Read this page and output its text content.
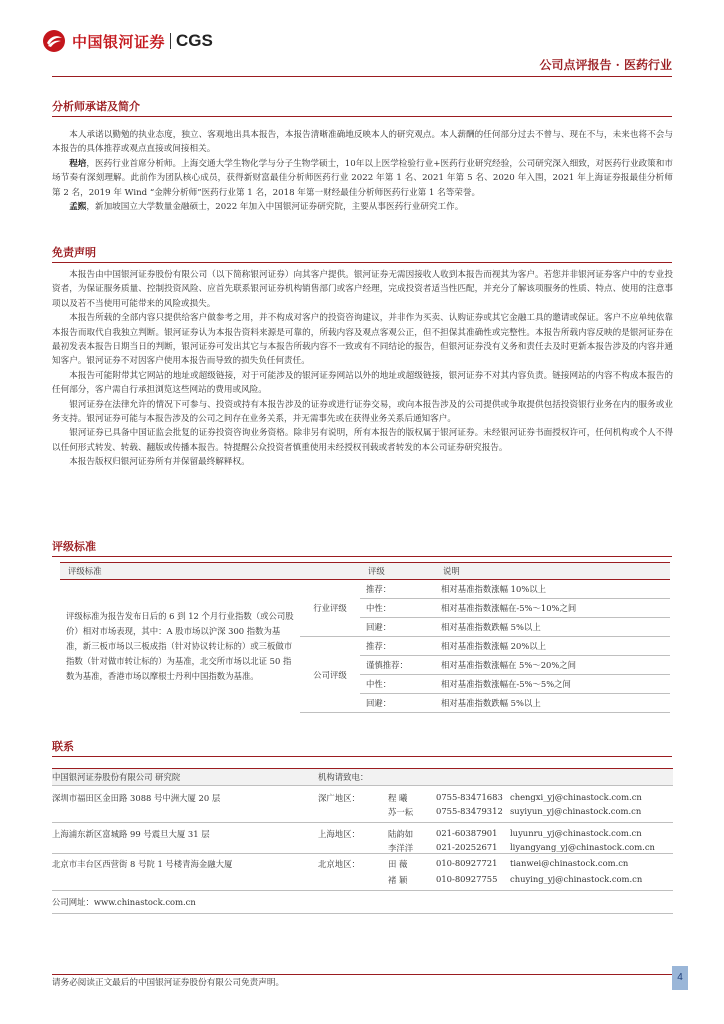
中国银河证券 CGS
公司点评报告 · 医药行业
分析师承诺及简介

本人承诺以勤勉的执业态度，独立、客观地出具本报告，本报告清晰准确地反映本人的研究观点。本人薪酬的任何部分过去不曾与、现在不与，未来也将不会与本报告的具体推荐或观点直接或间接相关。

程培，医药行业首席分析师。上海交通大学生物化学与分子生物学硕士，10年以上医学检验行业+医药行业研究经验，公司研究深入细致，对医药行业政策和市场节奏有深刻理解。此前作为团队核心成员，获得新财富最佳分析师医药行业 2022 年第 1 名、2021 年第 5 名、2020 年入围，2021 年上海证券报最佳分析师第 2 名，2019 年 Wind “金牌分析师”医药行业第 1 名，2018 年第一财经最佳分析师医药行业第 1 名等荣誉。

孟熙，新加坡国立大学数量金融硕士，2022 年加入中国银河证券研究院，主要从事医药行业研究工作。

免责声明

本报告由中国银河证券股份有限公司（以下简称银河证券）向其客户提供。银河证券无需因接收人收到本报告而视其为客户。若您并非银河证券客户中的专业投资者，为保证服务质量、控制投资风险、应首先联系银河证券机构销售部门或客户经理，完成投资者适当性匹配，并充分了解该项服务的性质、特点、使用的注意事项以及若不当使用可能带来的风险或损失。

本报告所载的全部内容只提供给客户做参考之用，并不构成对客户的投资咨询建议，并非作为买卖、认购证券或其它金融工具的邀请或保证。客户不应单纯依靠本报告而取代自我独立判断。银河证券认为本报告资料来源是可靠的，所载内容及观点客观公正，但不担保其准确性或完整性。本报告所载内容反映的是银河证券在最初发表本报告日期当日的判断，银河证券可发出其它与本报告所载内容不一致或有不同结论的报告，但银河证券没有义务和责任去及时更新本报告涉及的内容并通知客户。银河证券不对因客户使用本报告而导致的损失负任何责任。

本报告可能附带其它网站的地址或超级链接，对于可能涉及的银河证券网站以外的地址或超级链接，银河证券不对其内容负责。链接网站的内容不构成本报告的任何部分，客户需自行承担浏览这些网站的费用或风险。

银河证券在法律允许的情况下可参与、投资或持有本报告涉及的证券或进行证券交易，或向本报告涉及的公司提供或争取提供包括投资银行业务在内的服务或业务支持。银河证券可能与本报告涉及的公司之间存在业务关系，并无需事先或在获得业务关系后通知客户。

银河证券已具备中国证监会批复的证券投资咨询业务资格。除非另有说明，所有本报告的版权属于银河证券。未经银河证券书面授权许可，任何机构或个人不得以任何形式转发、转载、翻版或传播本报告。特提醒公众投资者慎重使用未经授权刊载或者转发的本公司证券研究报告。

本报告版权归银河证券所有并保留最终解释权。

评级标准
评级标准		评级	说明
评级标准为报告发布日后的 6 到 12 个月行业指数（或公司股价）相对市场表现，其中：A 股市场以沪深 300 指数为基准，新三板市场以三板成指（针对协议转让标的）或三板做市指数（针对做市转让标的）为基准，北交所市场以北证 50 指数为基准，香港市场以摩根士丹利中国指数为基准。	行业评级	推荐：	相对基准指数涨幅 10%以上
		中性：	相对基准指数涨幅在-5%～10%之间
		回避：	相对基准指数跌幅 5%以上
	公司评级	推荐：	相对基准指数涨幅 20%以上
		谨慎推荐：	相对基准指数涨幅在 5%～20%之间
		中性：	相对基准指数涨幅在-5%～5%之间
		回避：	相对基准指数跌幅 5%以上
联系
中国银河证券股份有限公司 研究院	机构请致电：
深圳市福田区金田路 3088 号中洲大厦 20 层	深广地区：	程 曦	0755-83471683 chengxi_yj@chinastock.com.cn
苏一耘	0755-83479312 suyiyun_yj@chinastock.com.cn
上海浦东新区富城路 99 号震旦大厦 31 层	上海地区：	陆韵如	021-60387901 luyunru_yj@chinastock.com.cn
李洋洋	021-20252671 liyangyang_yj@chinastock.com.cn
北京市丰台区西营街 8 号院 1 号楼青海金融大厦	北京地区：	田 薇	010-80927721 tianwei@chinastock.com.cn
褚 颖	010-80927755 chuying_yj@chinastock.com.cn
公司网址：www.chinastock.com.cn
请务必阅读正文最后的中国银河证券股份有限公司免责声明。	4
